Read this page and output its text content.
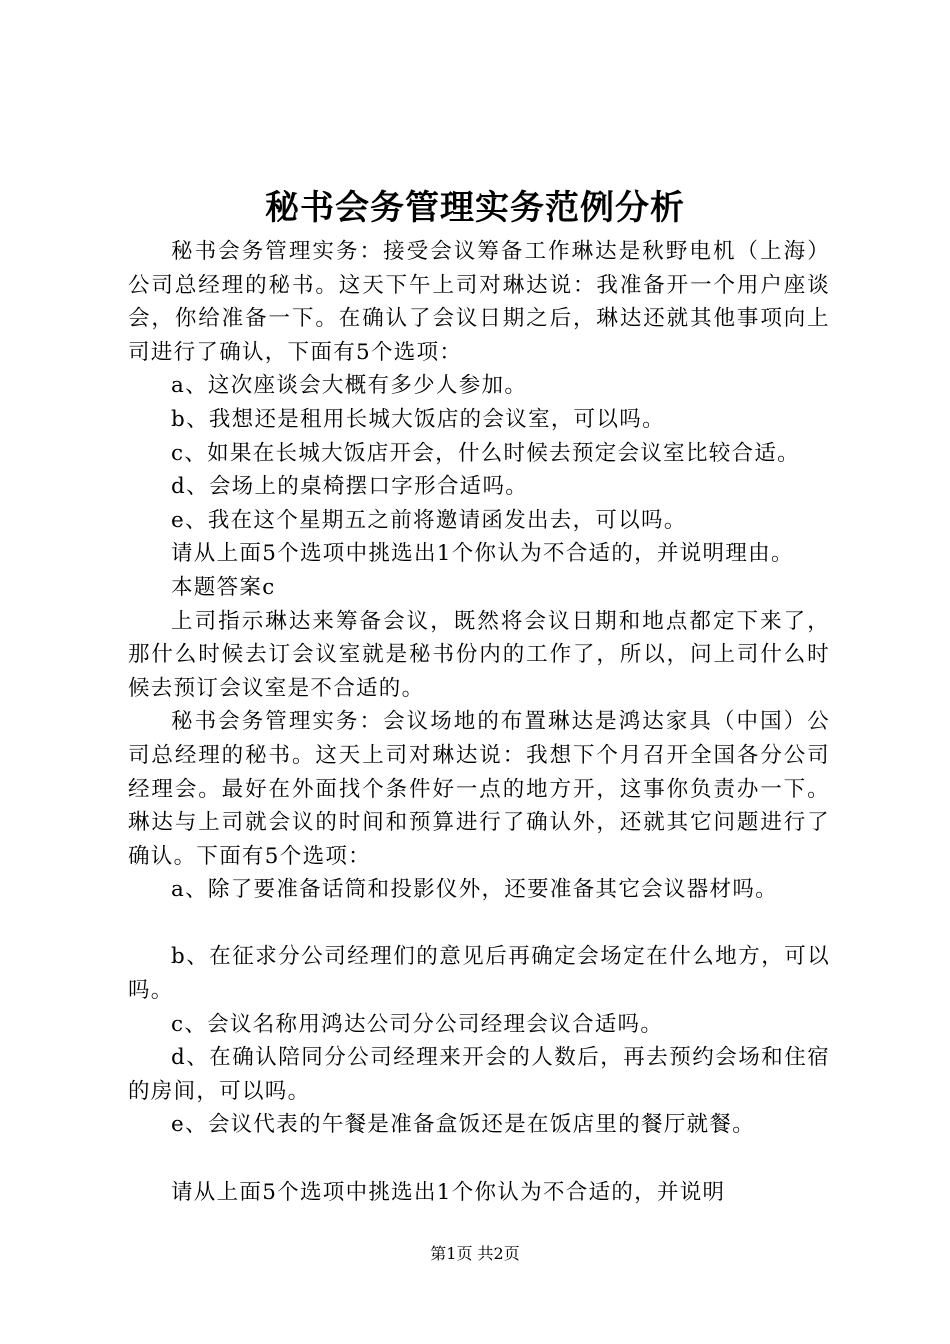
秘书会务管理实务范例分析

秘书会务管理实务：接受会议筹备工作琳达是秋野电机（上海）公司总经理的秘书。这天下午上司对琳达说：我准备开一个用户座谈会，你给准备一下。在确认了会议日期之后，琳达还就其他事项向上司进行了确认，下面有5个选项：

a、这次座谈会大概有多少人参加。

b、我想还是租用长城大饭店的会议室，可以吗。

c、如果在长城大饭店开会，什么时候去预定会议室比较合适。

d、会场上的桌椅摆口字形合适吗。

e、我在这个星期五之前将邀请函发出去，可以吗。

请从上面5个选项中挑选出1个你认为不合适的，并说明理由。

本题答案c

上司指示琳达来筹备会议，既然将会议日期和地点都定下来了，那什么时候去订会议室就是秘书份内的工作了，所以，问上司什么时候去预订会议室是不合适的。

秘书会务管理实务：会议场地的布置琳达是鸿达家具（中国）公司总经理的秘书。这天上司对琳达说：我想下个月召开全国各分公司经理会。最好在外面找个条件好一点的地方开，这事你负责办一下。琳达与上司就会议的时间和预算进行了确认外，还就其它问题进行了确认。下面有5个选项：

a、除了要准备话筒和投影仪外，还要准备其它会议器材吗。

b、在征求分公司经理们的意见后再确定会场定在什么地方，可以吗。

c、会议名称用鸿达公司分公司经理会议合适吗。

d、在确认陪同分公司经理来开会的人数后，再去预约会场和住宿的房间，可以吗。

e、会议代表的午餐是准备盒饭还是在饭店里的餐厅就餐。

请从上面5个选项中挑选出1个你认为不合适的，并说明

第1页 共2页
